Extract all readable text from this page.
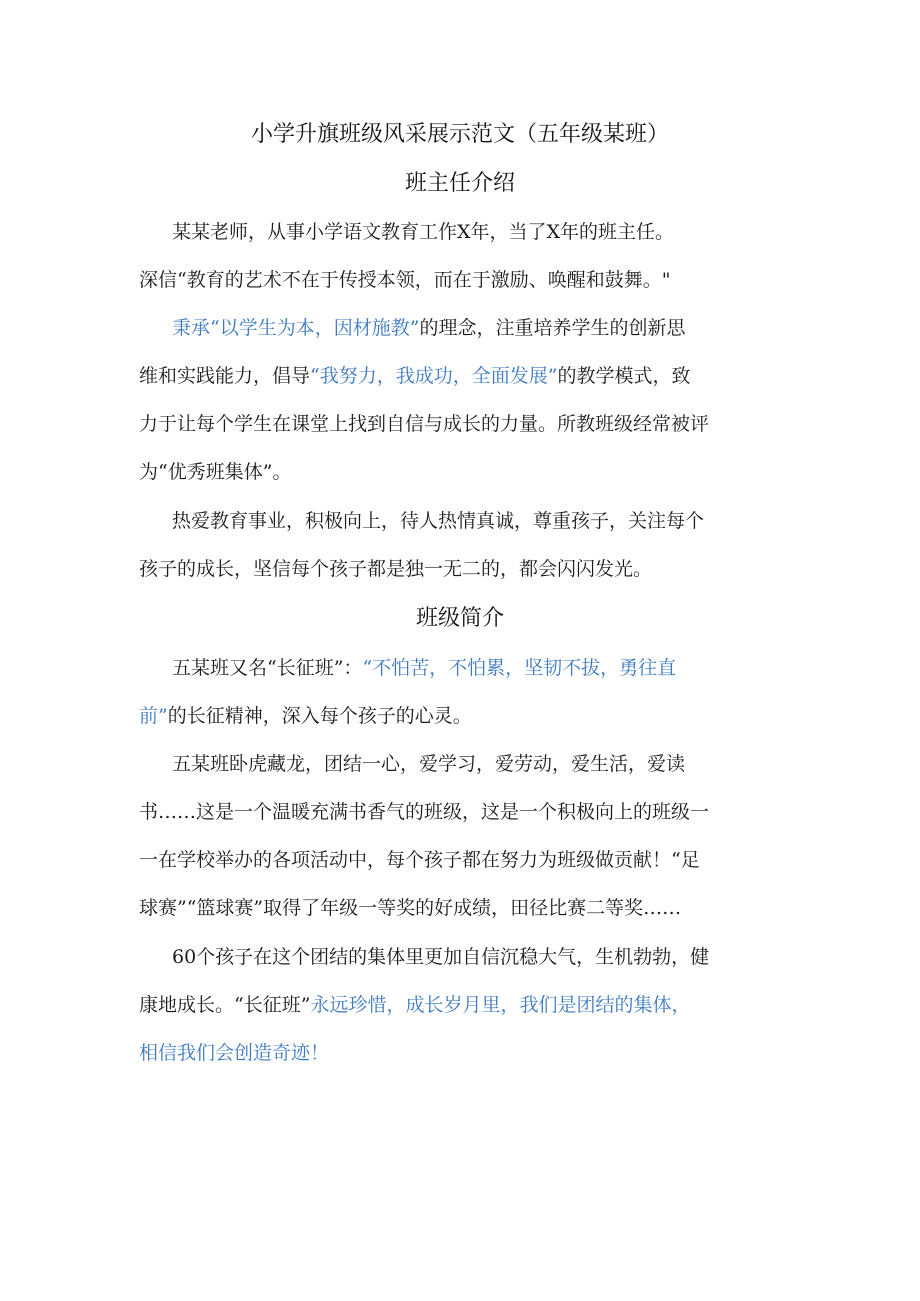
小学升旗班级风采展示范文（五年级某班）
班主任介绍
某某老师，从事小学语文教育工作X年，当了X年的班主任。
深信“教育的艺术不在于传授本领，而在于激励、唤醒和鼓舞。"
秉承“以学生为本，因材施教”的理念，注重培养学生的创新思
维和实践能力，倡导“我努力，我成功，全面发展”的教学模式，致
力于让每个学生在课堂上找到自信与成长的力量。所教班级经常被评
为“优秀班集体”。
热爱教育事业，积极向上，待人热情真诚，尊重孩子，关注每个
孩子的成长，坚信每个孩子都是独一无二的，都会闪闪发光。
班级简介
五某班又名“长征班”：“不怕苦，不怕累，坚韧不拔，勇往直
前”的长征精神，深入每个孩子的心灵。
五某班卧虎藏龙，团结一心，爱学习，爱劳动，爱生活，爱读
书……这是一个温暖充满书香气的班级，这是一个积极向上的班级一
一在学校举办的各项活动中，每个孩子都在努力为班级做贡献！“足
球赛”“篮球赛”取得了年级一等奖的好成绩，田径比赛二等奖……
60个孩子在这个团结的集体里更加自信沉稳大气，生机勃勃，健
康地成长。“长征班”永远珍惜，成长岁月里，我们是团结的集体，
相信我们会创造奇迹！
